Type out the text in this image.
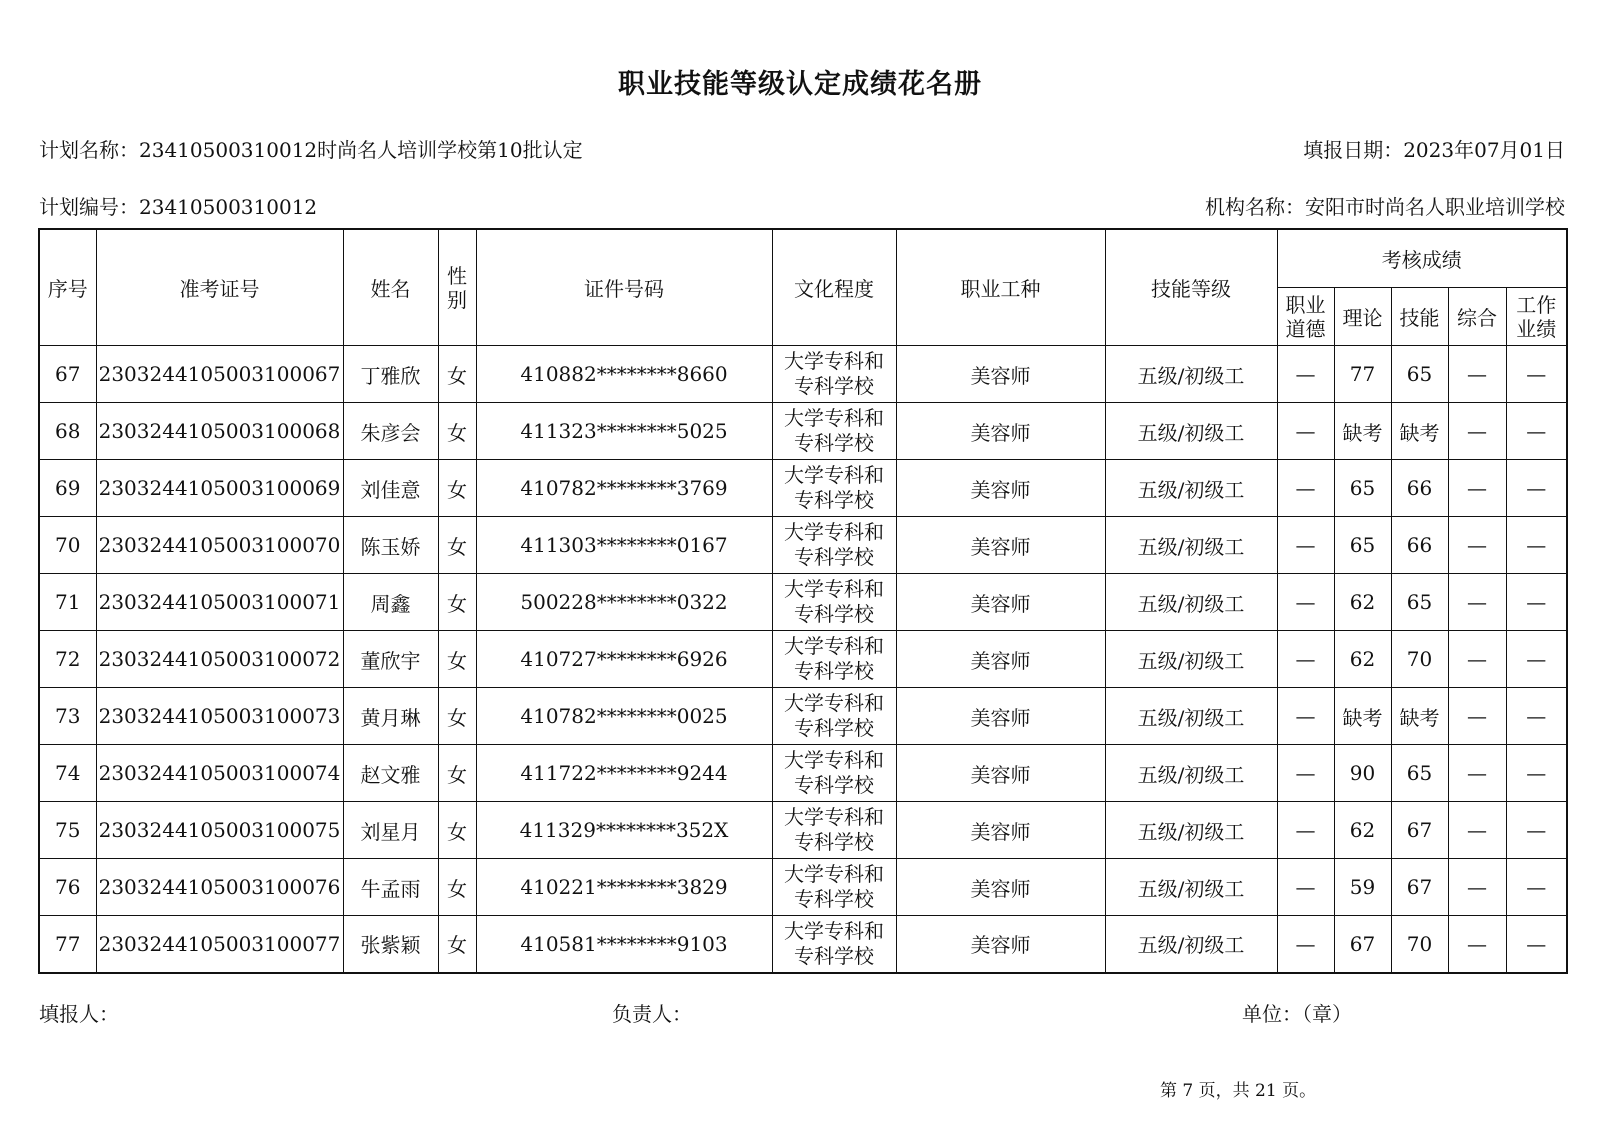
职业技能等级认定成绩花名册
计划名称：23410500310012时尚名人培训学校第10批认定	填报日期：2023年07月01日
计划编号：23410500310012	机构名称：安阳市时尚名人职业培训学校
序号	准考证号	姓名	性
别	证件号码	文化程度	职业工种	技能等级	考核成绩				
								职业
道德	理论	技能	综合	工作
业绩
67	2303244105003100067	丁雅欣	女	410882********8660	大学专科和
专科学校	美容师	五级/初级工	—	77	65	—	—
68	2303244105003100068	朱彦会	女	411323********5025	大学专科和
专科学校	美容师	五级/初级工	—	缺考	缺考	—	—
69	2303244105003100069	刘佳意	女	410782********3769	大学专科和
专科学校	美容师	五级/初级工	—	65	66	—	—
70	2303244105003100070	陈玉娇	女	411303********0167	大学专科和
专科学校	美容师	五级/初级工	—	65	66	—	—
71	2303244105003100071	周鑫	女	500228********0322	大学专科和
专科学校	美容师	五级/初级工	—	62	65	—	—
72	2303244105003100072	董欣宇	女	410727********6926	大学专科和
专科学校	美容师	五级/初级工	—	62	70	—	—
73	2303244105003100073	黄月琳	女	410782********0025	大学专科和
专科学校	美容师	五级/初级工	—	缺考	缺考	—	—
74	2303244105003100074	赵文雅	女	411722********9244	大学专科和
专科学校	美容师	五级/初级工	—	90	65	—	—
75	2303244105003100075	刘星月	女	411329********352X	大学专科和
专科学校	美容师	五级/初级工	—	62	67	—	—
76	2303244105003100076	牛孟雨	女	410221********3829	大学专科和
专科学校	美容师	五级/初级工	—	59	67	—	—
77	2303244105003100077	张紫颖	女	410581********9103	大学专科和
专科学校	美容师	五级/初级工	—	67	70	—	—
填报人：	负责人：	单位：（章）
第 7 页，共 21 页。
